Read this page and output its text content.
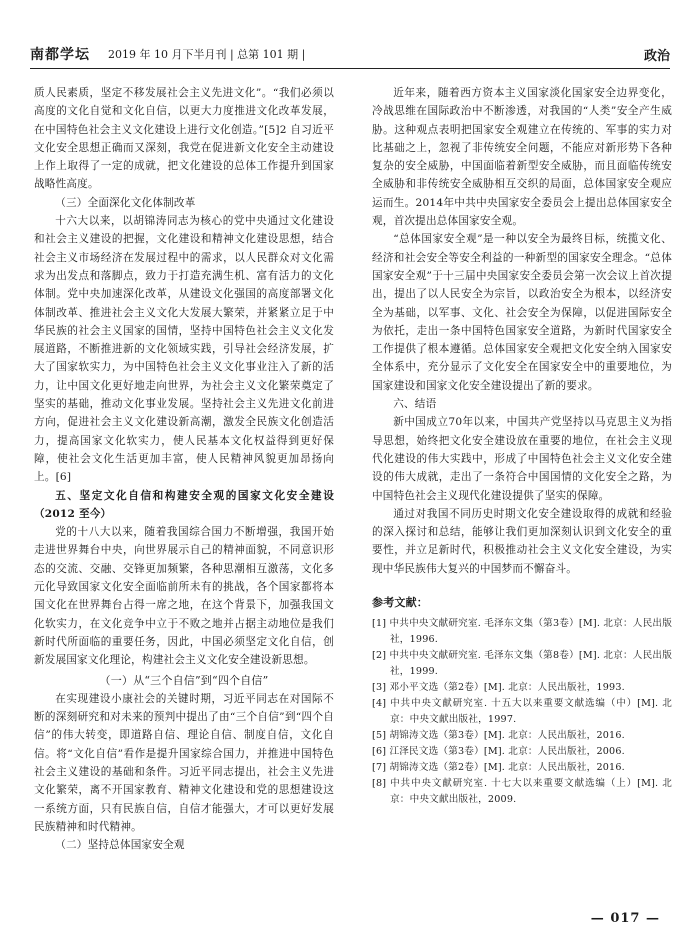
南都学坛 2019 年 10 月下半月刊 | 总第 101 期 |	政治

质人民素质，坚定不移发展社会主义先进文化”。“我们必须以高度的文化自觉和文化自信，以更大力度推进文化改革发展，在中国特色社会主义文化建设上进行文化创造。”[5]2 自习近平文化安全思想正确而又深刻，我党在促进新文化安全主动建设上作上取得了一定的成就，把文化建设的总体工作提升到国家战略性高度。

（三）全面深化文化体制改革

十六大以来，以胡锦涛同志为核心的党中央通过文化建设和社会主义建设的把握，文化建设和精神文化建设思想，结合社会主义市场经济在发展过程中的需求，以人民群众对文化需求为出发点和落脚点，致力于打造充满生机、富有活力的文化体制。党中央加速深化改革，从建设文化强国的高度部署文化体制改革、推进社会主义文化大发展大繁荣，并紧紧立足于中华民族的社会主义国家的国情，坚持中国特色社会主义文化发展道路，不断推进新的文化领域实践，引导社会经济发展，扩大了国家软实力，为中国特色社会主义文化事业注入了新的活力，让中国文化更好地走向世界，为社会主义文化繁荣奠定了坚实的基础，推动文化事业发展。坚持社会主义先进文化前进方向，促进社会主义文化建设新高潮，激发全民族文化创造活力，提高国家文化软实力，使人民基本文化权益得到更好保障，使社会文化生活更加丰富，使人民精神风貌更加昂扬向上。[6]

五、坚定文化自信和构建安全观的国家文化安全建设（2012 至今）

党的十八大以来，随着我国综合国力不断增强，我国开始走进世界舞台中央，向世界展示自己的精神面貌，不同意识形态的交流、交融、交锋更加频繁，各种思潮相互激荡，文化多元化导致国家文化安全面临前所未有的挑战，各个国家都将本国文化在世界舞台占得一席之地，在这个背景下，加强我国文化软实力，在文化竞争中立于不败之地并占据主动地位是我们新时代所面临的重要任务，因此，中国必须坚定文化自信，创新发展国家文化理论，构建社会主义文化安全建设新思想。

（一）从“三个自信”到“四个自信”

在实现建设小康社会的关键时期，习近平同志在对国际不断的深刻研究和对未来的预判中提出了由“三个自信”到“四个自信”的伟大转变，即道路自信、理论自信、制度自信，文化自信。将“文化自信”看作是提升国家综合国力，并推进中国特色社会主义建设的基础和条件。习近平同志提出，社会主义先进文化繁荣，离不开国家教育、精神文化建设和党的思想建设这一系统方面，只有民族自信，自信才能强大，才可以更好发展民族精神和时代精神。

（二）坚持总体国家安全观

近年来，随着西方资本主义国家淡化国家安全边界变化，冷战思维在国际政治中不断渗透，对我国的“人类”安全产生威胁。这种观点表明把国家安全观建立在传统的、军事的实力对比基础之上，忽视了非传统安全问题，不能应对新形势下各种复杂的安全威胁，中国面临着新型安全威胁，而且面临传统安全威胁和非传统安全威胁相互交织的局面，总体国家安全观应运而生。2014年中共中央国家安全委员会上提出总体国家安全观，首次提出总体国家安全观。

“总体国家安全观”是一种以安全为最终目标，统揽文化、经济和社会安全等安全利益的一种新型的国家安全理念。“总体国家安全观”于十三届中央国家安全委员会第一次会议上首次提出，提出了以人民安全为宗旨，以政治安全为根本，以经济安全为基础，以军事、文化、社会安全为保障，以促进国际安全为依托，走出一条中国特色国家安全道路，为新时代国家安全工作提供了根本遵循。总体国家安全观把文化安全纳入国家安全体系中，充分显示了文化安全在国家安全中的重要地位，为国家建设和国家文化安全建设提出了新的要求。

六、结语

新中国成立70年以来，中国共产党坚持以马克思主义为指导思想，始终把文化安全建设放在重要的地位，在社会主义现代化建设的伟大实践中，形成了中国特色社会主义文化安全建设的伟大成就，走出了一条符合中国国情的文化安全之路，为中国特色社会主义现代化建设提供了坚实的保障。

通过对我国不同历史时期文化安全建设取得的成就和经验的深入探讨和总结，能够让我们更加深刻认识到文化安全的重要性，并立足新时代，积极推动社会主义文化安全建设，为实现中华民族伟大复兴的中国梦而不懈奋斗。

参考文献：

[1] 中共中央文献研究室. 毛泽东文集（第3卷）[M]. 北京：人民出版社，1996.

[2] 中共中央文献研究室. 毛泽东文集（第8卷）[M]. 北京：人民出版社，1999.

[3] 邓小平文选（第2卷）[M]. 北京：人民出版社，1993.

[4] 中共中央文献研究室. 十五大以来重要文献选编（中）[M]. 北京：中央文献出版社，1997.

[5] 胡锦涛文选（第3卷）[M]. 北京：人民出版社，2016.

[6] 江泽民文选（第3卷）[M]. 北京：人民出版社，2006.

[7] 胡锦涛文选（第2卷）[M]. 北京：人民出版社，2016.

[8] 中共中央文献研究室. 十七大以来重要文献选编（上）[M]. 北京：中央文献出版社，2009.

— 017 —
